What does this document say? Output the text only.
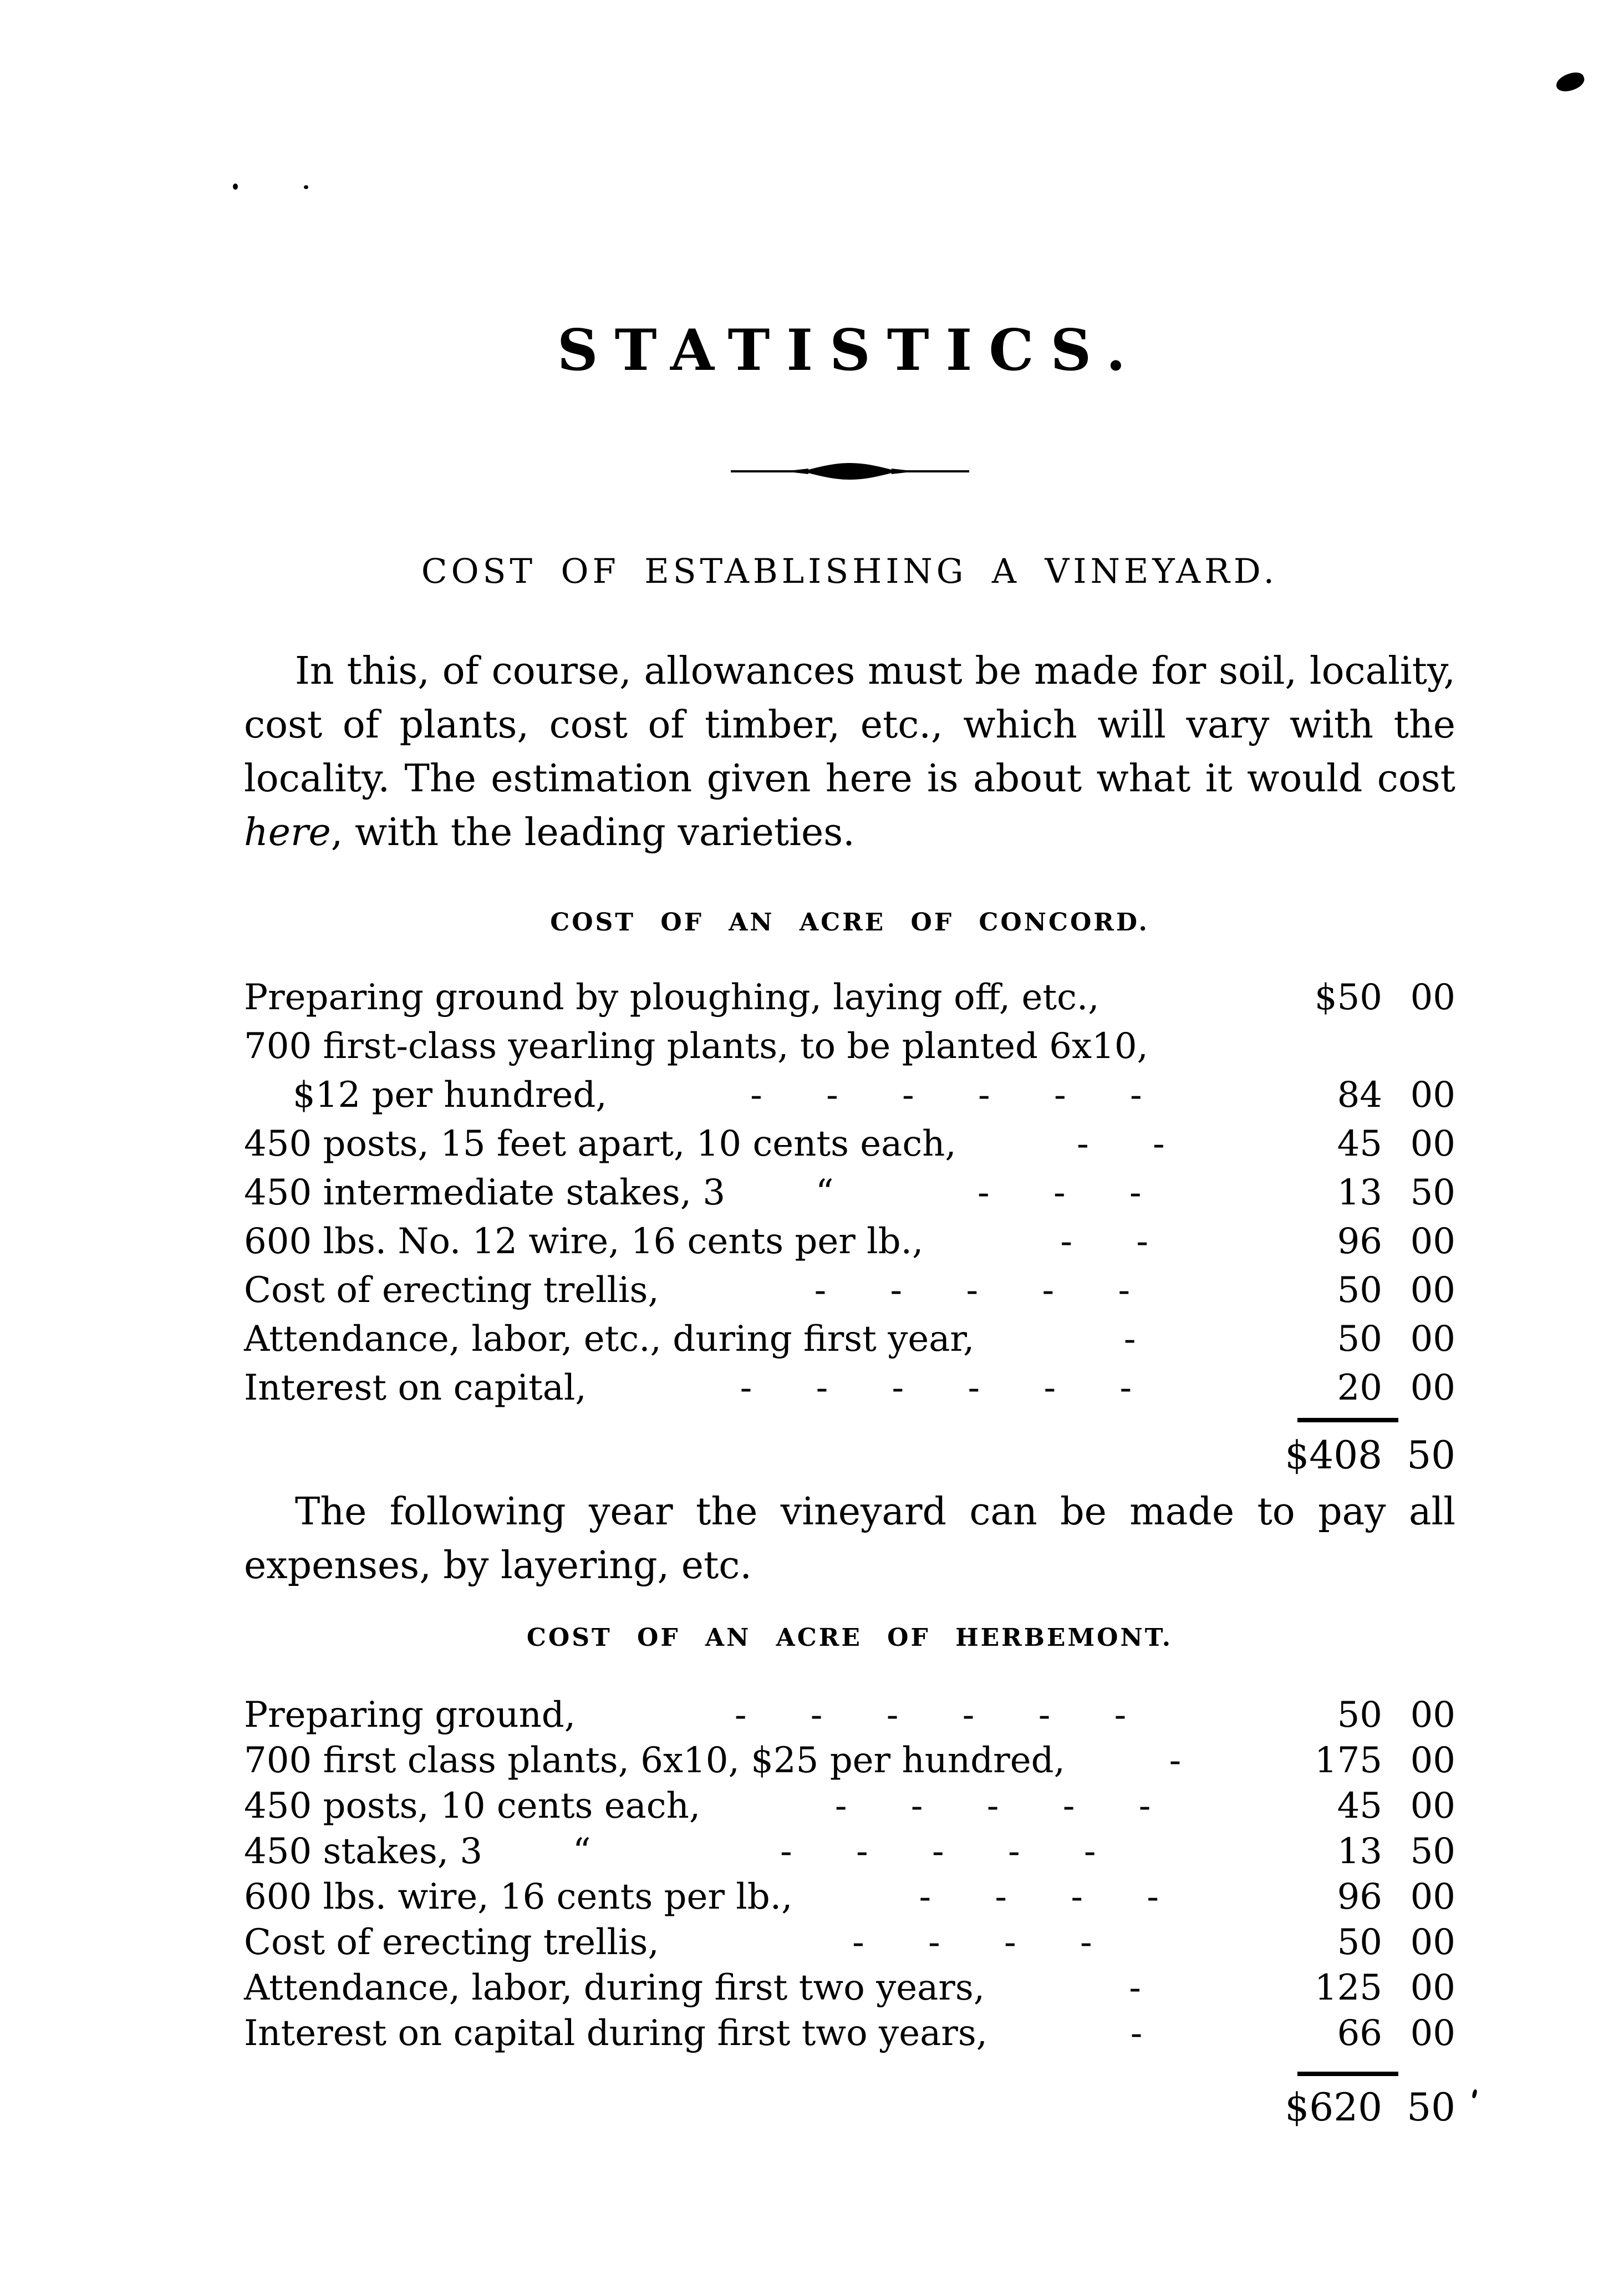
STATISTICS.
COST OF ESTABLISHING A VINEYARD.

In this, of course, allowances must be made for soil, locality, cost of plants, cost of timber, etc., which will vary with the locality. The estimation given here is about what it would cost here, with the leading varieties.

COST OF AN ACRE OF CONCORD.
Preparing ground by ploughing, laying off, etc.,	$50 00
700 first-class yearling plants, to be planted 6x10,
$12 per hundred,	- - - - - -	84 00
450 posts, 15 feet apart, 10 cents each,	- -	45 00
450 intermediate stakes, 3        “	- - -	13 50
600 lbs. No. 12 wire, 16 cents per lb.,	- -	96 00
Cost of erecting trellis,	- - - - -	50 00
Attendance, labor, etc., during first year,	-	50 00
Interest on capital,	- - - - - -	20 00
$408 50

The following year the vineyard can be made to pay all expenses, by layering, etc.

COST OF AN ACRE OF HERBEMONT.
Preparing ground,	- - - - - -	50 00
700 first class plants, 6x10, $25 per hundred,	-	175 00
450 posts, 10 cents each,	- - - - -	45 00
450 stakes, 3        “	- - - - -	13 50
600 lbs. wire, 16 cents per lb.,	- - - -	96 00
Cost of erecting trellis,	- - - -	50 00
Attendance, labor, during first two years,	-	125 00
Interest on capital during first two years,	-	66 00
$620 50
